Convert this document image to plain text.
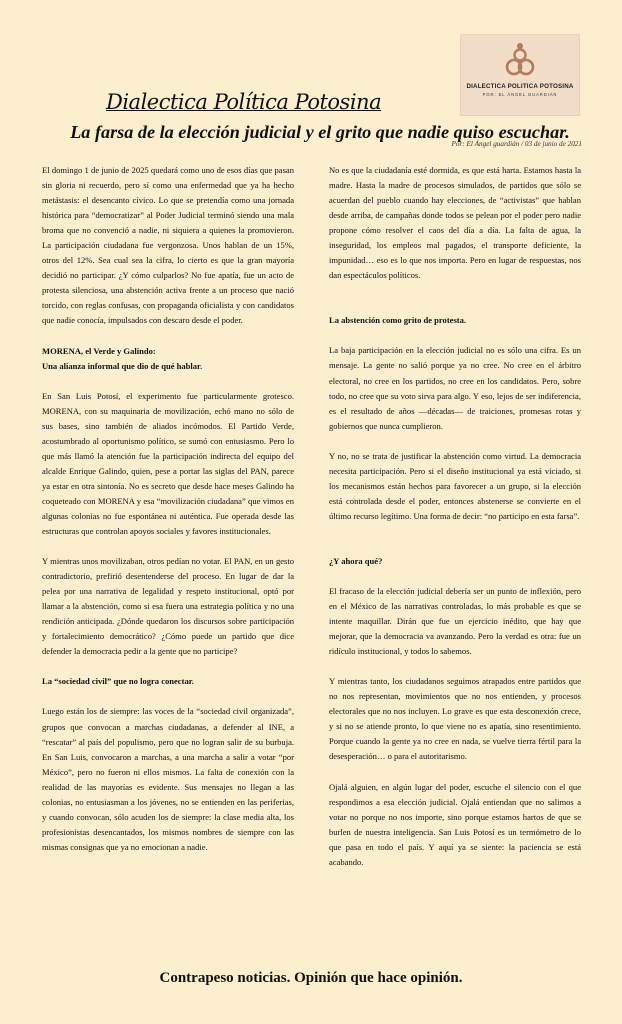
DIALECTICA POLITICA POTOSINA
POR: EL ÁNGEL GUARDIÁN
Dialectica Política Potosina
La farsa de la elección judicial y el grito que nadie quiso escuchar.
Por: El Ángel guardián / 03 de junio de 2021

El domingo 1 de junio de 2025 quedará como uno de esos días que pasan sin gloria ni recuerdo, pero sí como una enfermedad que ya ha hecho metástasis: el desencanto cívico. Lo que se pretendía como una jornada histórica para “democratizar” al Poder Judicial terminó siendo una mala broma que no convenció a nadie, ni siquiera a quienes la promovieron. La participación ciudadana fue vergonzosa. Unos hablan de un 15%, otros del 12%. Sea cual sea la cifra, lo cierto es que la gran mayoría decidió no participar. ¿Y cómo culparlos? No fue apatía, fue un acto de protesta silenciosa, una abstención activa frente a un proceso que nació torcido, con reglas confusas, con propaganda oficialista y con candidatos que nadie conocía, impulsados con descaro desde el poder.

MORENA, el Verde y Galindo:
Una alianza informal que dio de qué hablar.

En San Luis Potosí, el experimento fue particularmente grotesco. MORENA, con su maquinaria de movilización, echó mano no sólo de sus bases, sino también de aliados incómodos. El Partido Verde, acostumbrado al oportunismo político, se sumó con entusiasmo. Pero lo que más llamó la atención fue la participación indirecta del equipo del alcalde Enrique Galindo, quien, pese a portar las siglas del PAN, parece ya estar en otra sintonía. No es secreto que desde hace meses Galindo ha coqueteado con MORENA y esa “movilización ciudadana” que vimos en algunas colonias no fue espontánea ni auténtica. Fue operada desde las estructuras que controlan apoyos sociales y favores institucionales.

Y mientras unos movilizaban, otros pedían no votar. El PAN, en un gesto contradictorio, prefirió desentenderse del proceso. En lugar de dar la pelea por una narrativa de legalidad y respeto institucional, optó por llamar a la abstención, como si esa fuera una estrategia política y no una rendición anticipada. ¿Dónde quedaron los discursos sobre participación y fortalecimiento democrático? ¿Cómo puede un partido que dice defender la democracia pedir a la gente que no participe?

La “sociedad civil” que no logra conectar.

Luego están los de siempre: las voces de la “sociedad civil organizada”, grupos que convocan a marchas ciudadanas, a defender al INE, a “rescatar” al país del populismo, pero que no logran salir de su burbuja. En San Luis, convocaron a marchas, a una marcha a salir a votar “por México”, pero no fueron ni ellos mismos. La falta de conexión con la realidad de las mayorías es evidente. Sus mensajes no llegan a las colonias, no entusiasman a los jóvenes, no se entienden en las periferias, y cuando convocan, sólo acuden los de siempre: la clase media alta, los profesionistas desencantados, los mismos nombres de siempre con las mismas consignas que ya no emocionan a nadie.

No es que la ciudadanía esté dormida, es que está harta. Estamos hasta la madre. Hasta la madre de procesos simulados, de partidos que sólo se acuerdan del pueblo cuando hay elecciones, de “activistas” que hablan desde arriba, de campañas donde todos se pelean por el poder pero nadie propone cómo resolver el caos del día a día. La falta de agua, la inseguridad, los empleos mal pagados, el transporte deficiente, la impunidad… eso es lo que nos importa. Pero en lugar de respuestas, nos dan espectáculos políticos.

La abstención como grito de protesta.

La baja participación en la elección judicial no es sólo una cifra. Es un mensaje. La gente no salió porque ya no cree. No cree en el árbitro electoral, no cree en los partidos, no cree en los candidatos. Pero, sobre todo, no cree que su voto sirva para algo. Y eso, lejos de ser indiferencia, es el resultado de años —décadas— de traiciones, promesas rotas y gobiernos que nunca cumplieron.

Y no, no se trata de justificar la abstención como virtud. La democracia necesita participación. Pero si el diseño institucional ya está viciado, si los mecanismos están hechos para favorecer a un grupo, si la elección está controlada desde el poder, entonces abstenerse se convierte en el último recurso legítimo. Una forma de decir: “no participo en esta farsa”.

¿Y ahora qué?

El fracaso de la elección judicial debería ser un punto de inflexión, pero en el México de las narrativas controladas, lo más probable es que se intente maquillar. Dirán que fue un ejercicio inédito, que hay que mejorar, que la democracia va avanzando. Pero la verdad es otra: fue un ridículo institucional, y todos lo sabemos.

Y mientras tanto, los ciudadanos seguimos atrapados entre partidos que no nos representan, movimientos que no nos entienden, y procesos electorales que no nos incluyen. Lo grave es que esta desconexión crece, y si no se atiende pronto, lo que viene no es apatía, sino resentimiento. Porque cuando la gente ya no cree en nada, se vuelve tierra fértil para la desesperación… o para el autoritarismo.

Ojalá alguien, en algún lugar del poder, escuche el silencio con el que respondimos a esa elección judicial. Ojalá entiendan que no salimos a votar no porque no nos importe, sino porque estamos hartos de que se burlen de nuestra inteligencia. San Luis Potosí es un termómetro de lo que pasa en todo el país. Y aquí ya se siente: la paciencia se está acabando.

Contrapeso noticias. Opinión que hace opinión.
